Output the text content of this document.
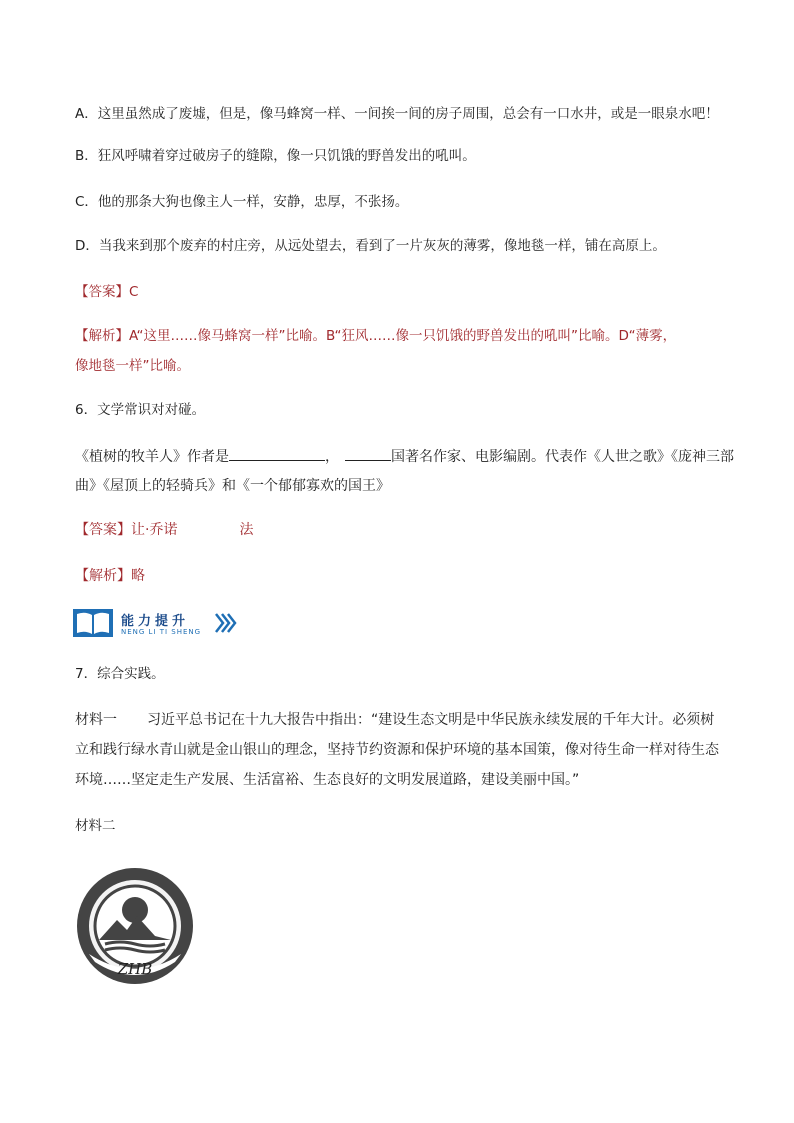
A．这里虽然成了废墟，但是，像马蜂窝一样、一间挨一间的房子周围，总会有一口水井，或是一眼泉水吧！
B．狂风呼啸着穿过破房子的缝隙，像一只饥饿的野兽发出的吼叫。
C．他的那条大狗也像主人一样，安静，忠厚，不张扬。
D．当我来到那个废弃的村庄旁，从远处望去，看到了一片灰灰的薄雾，像地毯一样，铺在高原上。
【答案】C
【解析】A“这里……像马蜂窝一样”比喻。B“狂风……像一只饥饿的野兽发出的吼叫”比喻。D“薄雾，
像地毯一样”比喻。
6．文学常识对对碰。
《植树的牧羊人》作者是	，	国著名作家、电影编剧。代表作《人世之歌》《庞神三部
曲》《屋顶上的轻骑兵》和《一个郁郁寡欢的国王》
【答案】让·乔诺	法
【解析】略
能力提升
NENG LI TI SHENG
7．综合实践。
材料一 习近平总书记在十九大报告中指出：“建设生态文明是中华民族永续发展的千年大计。必须树
立和践行绿水青山就是金山银山的理念，坚持节约资源和保护环境的基本国策，像对待生命一样对待生态
环境……坚定走生产发展、生活富裕、生态良好的文明发展道路，建设美丽中国。”
材料二
ZHB
